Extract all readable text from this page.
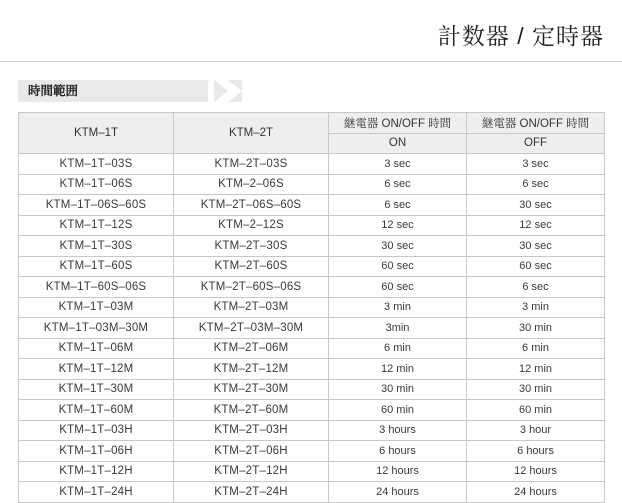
計数器 / 定時器
時間範囲
KTM–1T	KTM–2T	継電器 ON/OFF 時間	継電器 ON/OFF 時間
		ON	OFF
KTM–1T–03S	KTM–2T–03S	3 sec	3 sec
KTM–1T–06S	KTM–2–06S	6 sec	6 sec
KTM–1T–06S–60S	KTM–2T–06S–60S	6 sec	30 sec
KTM–1T–12S	KTM–2–12S	12 sec	12 sec
KTM–1T–30S	KTM–2T–30S	30 sec	30 sec
KTM–1T–60S	KTM–2T–60S	60 sec	60 sec
KTM–1T–60S–06S	KTM–2T–60S–06S	60 sec	6 sec
KTM–1T–03M	KTM–2T–03M	3 min	3 min
KTM–1T–03M–30M	KTM–2T–03M–30M	3min	30 min
KTM–1T–06M	KTM–2T–06M	6 min	6 min
KTM–1T–12M	KTM–2T–12M	12 min	12 min
KTM–1T–30M	KTM–2T–30M	30 min	30 min
KTM–1T–60M	KTM–2T–60M	60 min	60 min
KTM–1T–03H	KTM–2T–03H	3 hours	3 hour
KTM–1T–06H	KTM–2T–06H	6 hours	6 hours
KTM–1T–12H	KTM–2T–12H	12 hours	12 hours
KTM–1T–24H	KTM–2T–24H	24 hours	24 hours
